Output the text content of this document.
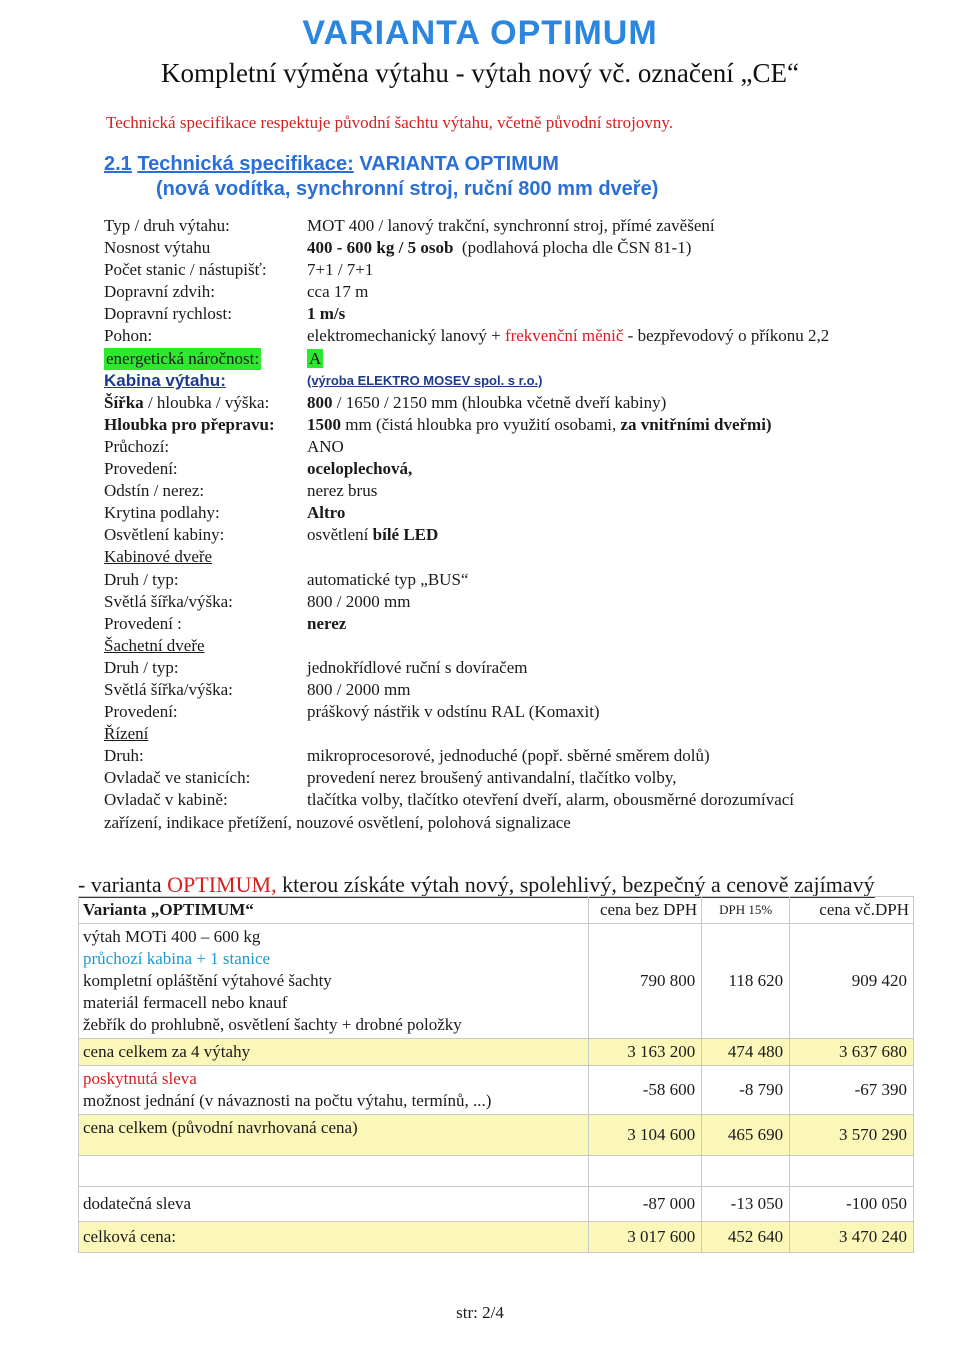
VARIANTA OPTIMUM
Kompletní výměna výtahu - výtah nový vč. označení „CE“
Technická specifikace respektuje původní šachtu výtahu, včetně původní strojovny.
2.1 Technická specifikace: VARIANTA OPTIMUM
(nová vodítka, synchronní stroj, ruční 800 mm dveře)
Typ / druh výtahu:	MOT 400 / lanový trakční, synchronní stroj, přímé zavěšení
Nosnost výtahu	400 - 600 kg / 5 osob (podlahová plocha dle ČSN 81-1)
Počet stanic / nástupišť: 7+1 / 7+1
Dopravní zdvih:	cca 17 m
Dopravní rychlost:	1 m/s
Pohon:	elektromechanický lanový + frekvenční měnič - bezpřevodový o příkonu 2,2
energetická náročnost:	A
Kabina výtahu:	(výroba ELEKTRO MOSEV spol. s r.o.)
Šířka / hloubka / výška: 800 / 1650 / 2150 mm (hloubka včetně dveří kabiny)
Hloubka pro přepravu: 1500 mm (čistá hloubka pro využití osobami, za vnitřními dveřmi)
Průchozí:	ANO
Provedení:	oceloplechová,
Odstín / nerez:	nerez brus
Krytina podlahy:	Altro
Osvětlení kabiny:	osvětlení bílé LED
Kabinové dveře
Druh / typ:	automatické typ „BUS“
Světlá šířka/výška:	800 / 2000 mm
Provedení :	nerez
Šachetní dveře
Druh / typ:	jednokřídlové ruční s dovíračem
Světlá šířka/výška:	800 / 2000 mm
Provedení:	práškový nástřik v odstínu RAL (Komaxit)
Řízení
Druh:	mikroprocesorové, jednoduché (popř. sběrné směrem dolů)
Ovladač ve stanicích:	provedení nerez broušený antivandalní, tlačítko volby,
Ovladač v kabině:	tlačítka volby, tlačítko otevření dveří, alarm, obousměrné dorozumívací
zařízení, indikace přetížení, nouzové osvětlení, polohová signalizace
- varianta OPTIMUM, kterou získáte výtah nový, spolehlivý, bezpečný a cenově zajímavý
Varianta „OPTIMUM“	cena bez DPH	DPH 15%	cena vč.DPH

výtah MOTi 400 – 600 kg
průchozí kabina + 1 stanice
kompletní opláštění výtahové šachty
materiál fermacell nebo knauf
žebřík do prohlubně, osvětlení šachty + drobné položky	790 800	118 620	909 420
cena celkem za 4 výtahy	3 163 200	474 480	3 637 680

poskytnutá sleva
možnost jednání (v návaznosti na počtu výtahu, termínů, ...)	-58 600	-8 790	-67 390
cena celkem (původní navrhovaná cena)	3 104 600	465 690	3 570 290

dodatečná sleva	-87 000	-13 050	-100 050
celková cena:	3 017 600	452 640	3 470 240
str: 2/4
